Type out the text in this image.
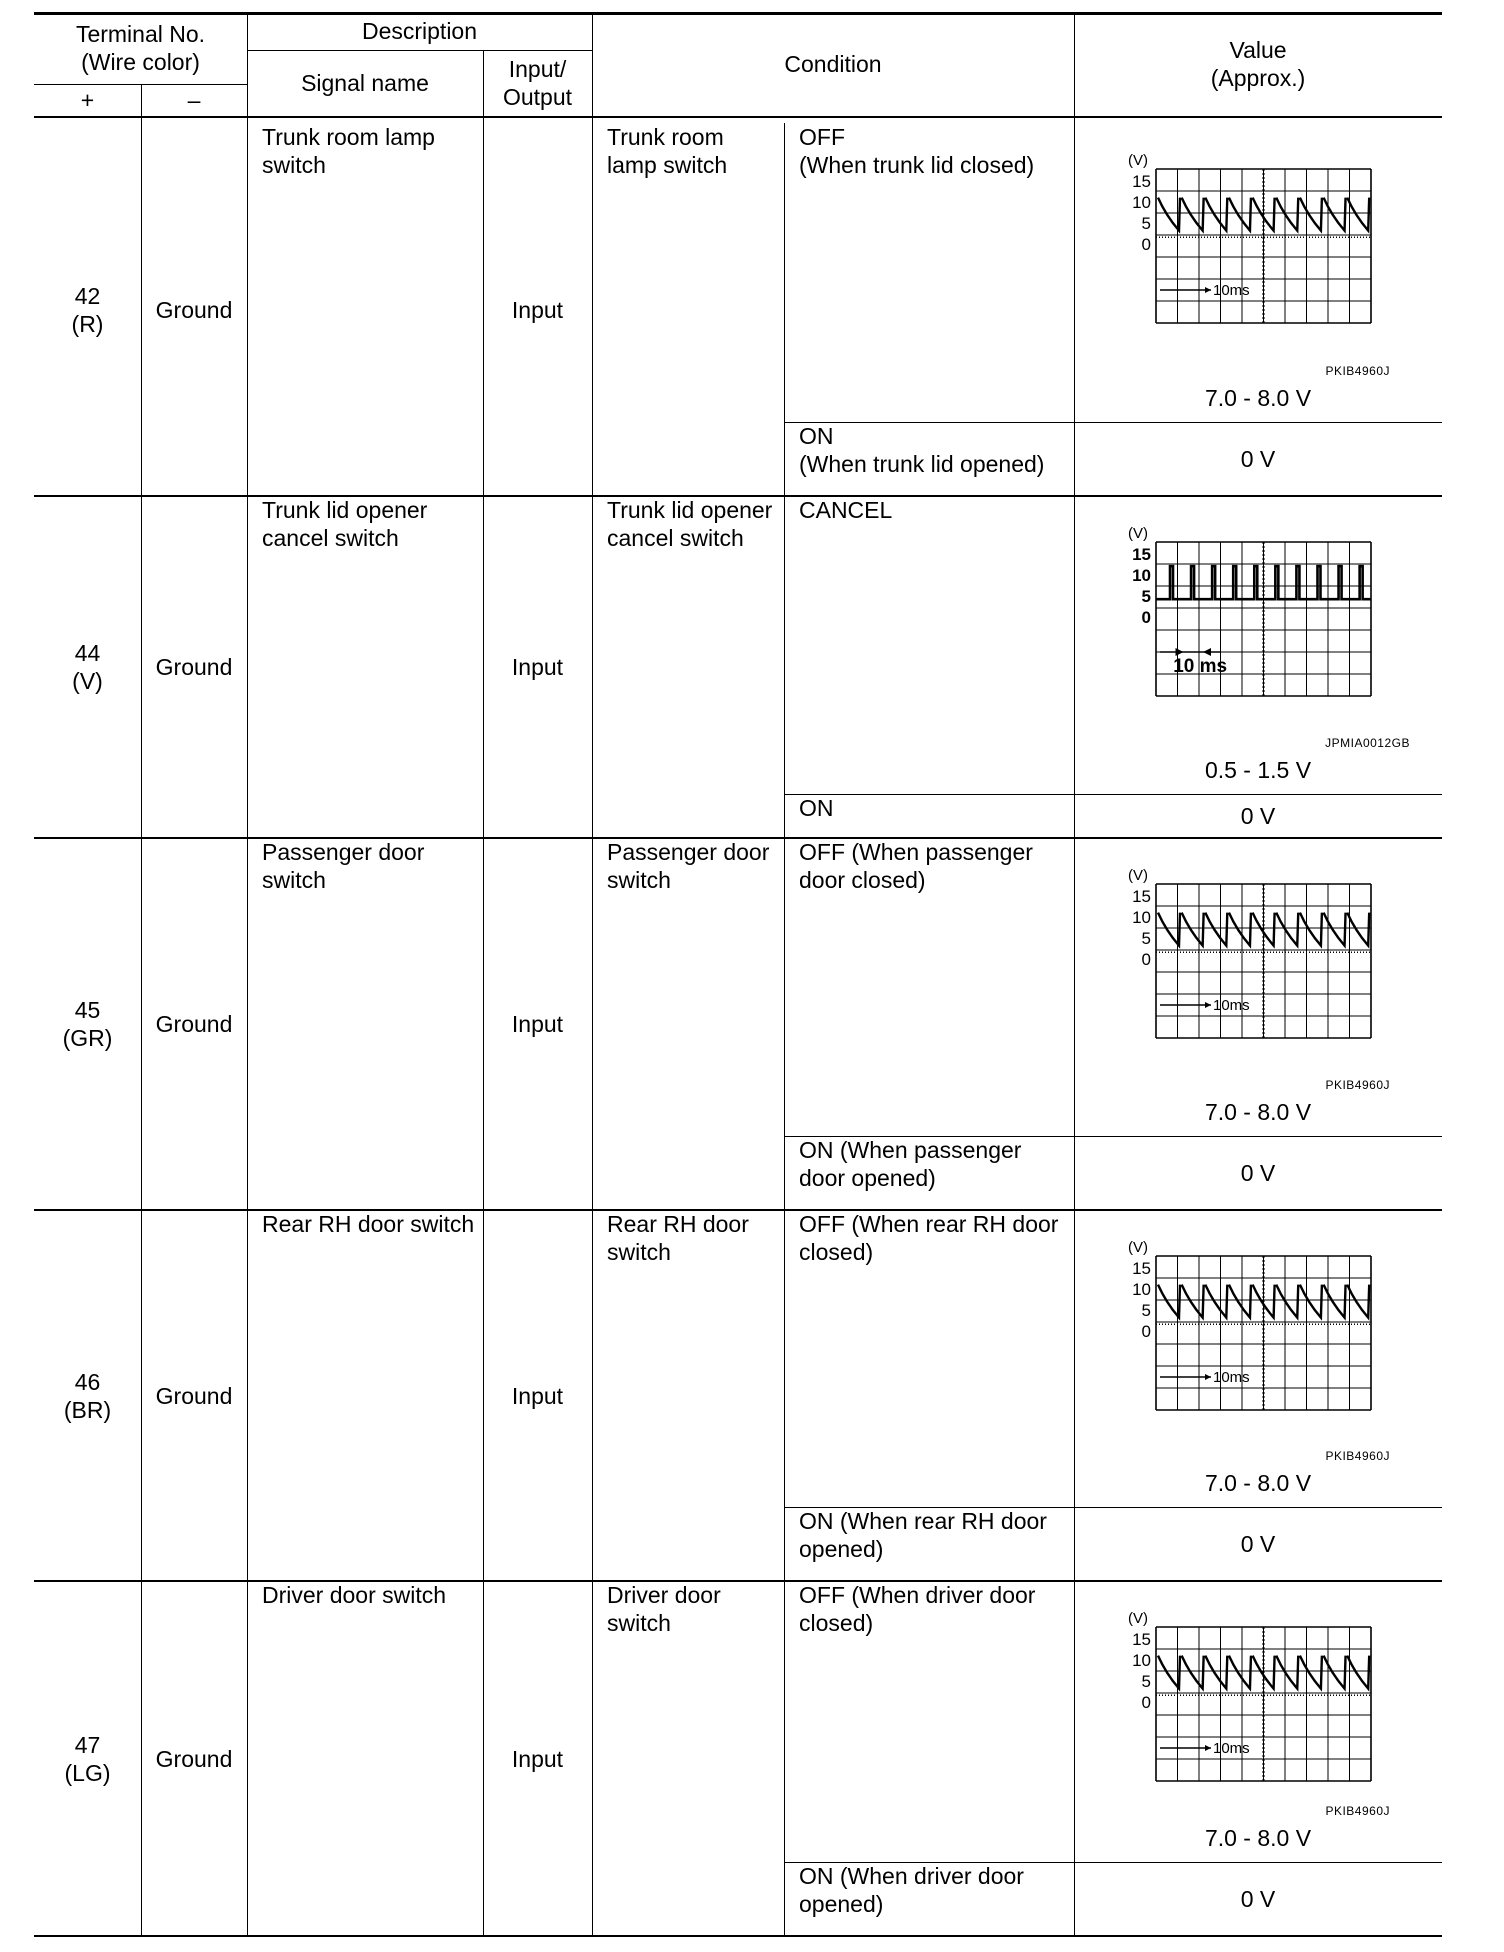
Terminal No.
(Wire color)
+	–
Description
Signal name
Input/
Output
Condition
Value
(Approx.)
42
(R)
Ground
Trunk room lamp
switch
Input
Trunk room
lamp switch
OFF
(When trunk lid closed)
ON
(When trunk lid opened)
(V)
15
10
5
0
10ms
PKIB4960J
7.0 - 8.0 V
0 V
44
(V)
Ground
Trunk lid opener
cancel switch
Input
Trunk lid opener
cancel switch
CANCEL
ON
(V)
15
10
5
0
10 ms
JPMIA0012GB
0.5 - 1.5 V
0 V
45
(GR)
Ground
Passenger door
switch
Input
Passenger door
switch
OFF (When passenger
door closed)
ON (When passenger
door opened)
(V)
15
10
5
0
10ms
PKIB4960J
7.0 - 8.0 V
0 V
46
(BR)
Ground
Rear RH door switch
Input
Rear RH door
switch
OFF (When rear RH door
closed)
ON (When rear RH door
opened)
(V)
15
10
5
0
10ms
PKIB4960J
7.0 - 8.0 V
0 V
47
(LG)
Ground
Driver door switch
Input
Driver door
switch
OFF (When driver door
closed)
ON (When driver door
opened)
(V)
15
10
5
0
10ms
PKIB4960J
7.0 - 8.0 V
0 V
